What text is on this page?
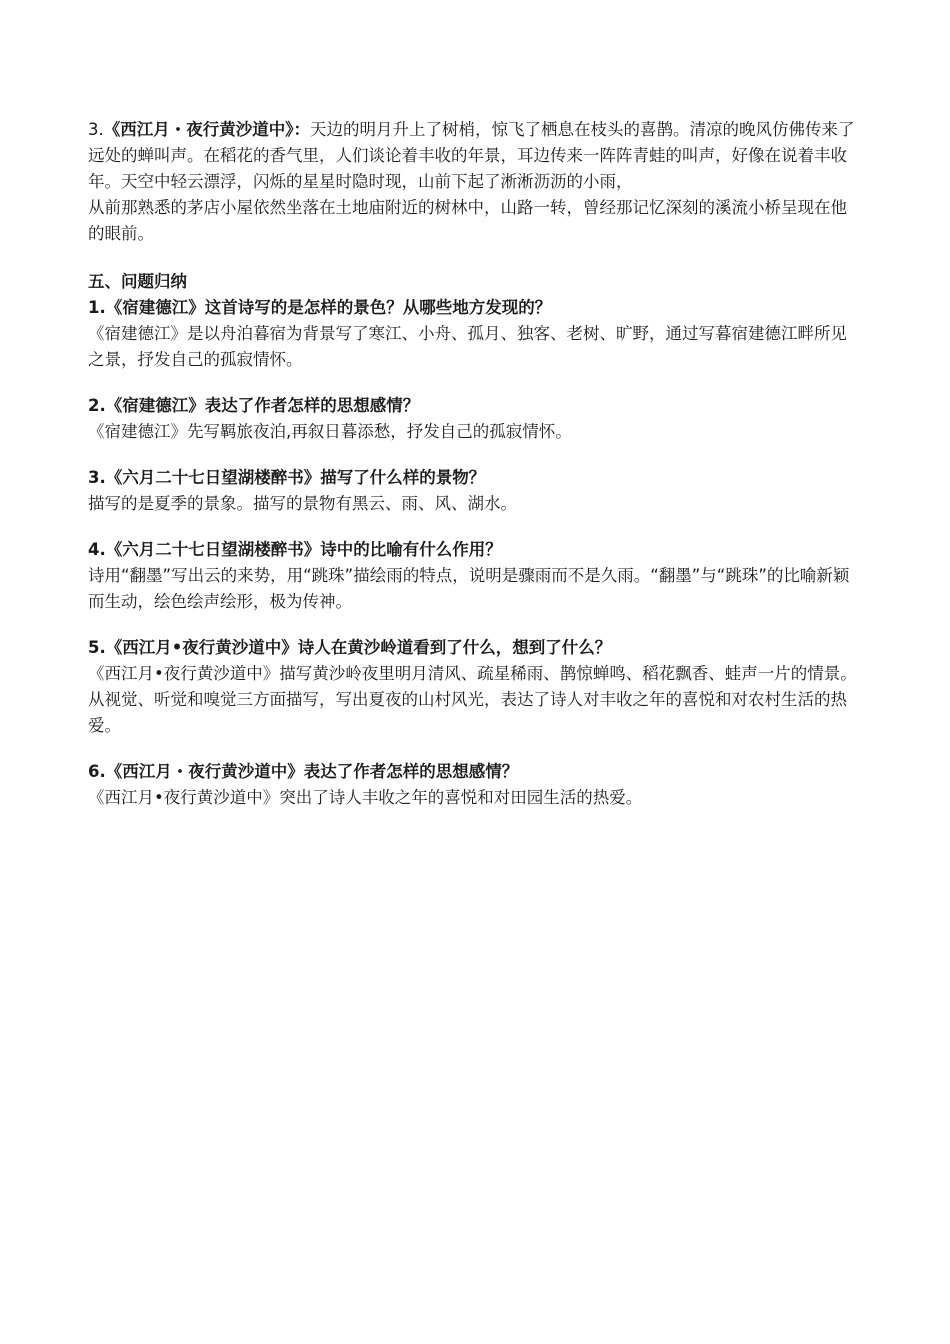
3.《西江月・夜行黄沙道中》：天边的明月升上了树梢，惊飞了栖息在枝头的喜鹊。清凉的晚风仿佛传来了远处的蝉叫声。在稻花的香气里，人们谈论着丰收的年景，耳边传来一阵阵青蛙的叫声，好像在说着丰收年。天空中轻云漂浮，闪烁的星星时隐时现，山前下起了淅淅沥沥的小雨，

从前那熟悉的茅店小屋依然坐落在土地庙附近的树林中，山路一转，曾经那记忆深刻的溪流小桥呈现在他的眼前。

五、问题归纳

1.《宿建德江》这首诗写的是怎样的景色？从哪些地方发现的？

《宿建德江》是以舟泊暮宿为背景写了寒江、小舟、孤月、独客、老树、旷野，通过写暮宿建德江畔所见之景，抒发自己的孤寂情怀。

2.《宿建德江》表达了作者怎样的思想感情？

《宿建德江》先写羁旅夜泊,再叙日暮添愁，抒发自己的孤寂情怀。

3.《六月二十七日望湖楼醉书》描写了什么样的景物？

描写的是夏季的景象。描写的景物有黑云、雨、风、湖水。

4.《六月二十七日望湖楼醉书》诗中的比喻有什么作用？

诗用“翻墨”写出云的来势，用“跳珠”描绘雨的特点，说明是骤雨而不是久雨。“翻墨”与“跳珠”的比喻新颖而生动，绘色绘声绘形，极为传神。

5.《西江月•夜行黄沙道中》诗人在黄沙岭道看到了什么，想到了什么？

《西江月•夜行黄沙道中》描写黄沙岭夜里明月清风、疏星稀雨、鹊惊蝉鸣、稻花飘香、蛙声一片的情景。从视觉、听觉和嗅觉三方面描写，写出夏夜的山村风光，表达了诗人对丰收之年的喜悦和对农村生活的热爱。

6.《西江月・夜行黄沙道中》表达了作者怎样的思想感情？

《西江月•夜行黄沙道中》突出了诗人丰收之年的喜悦和对田园生活的热爱。
